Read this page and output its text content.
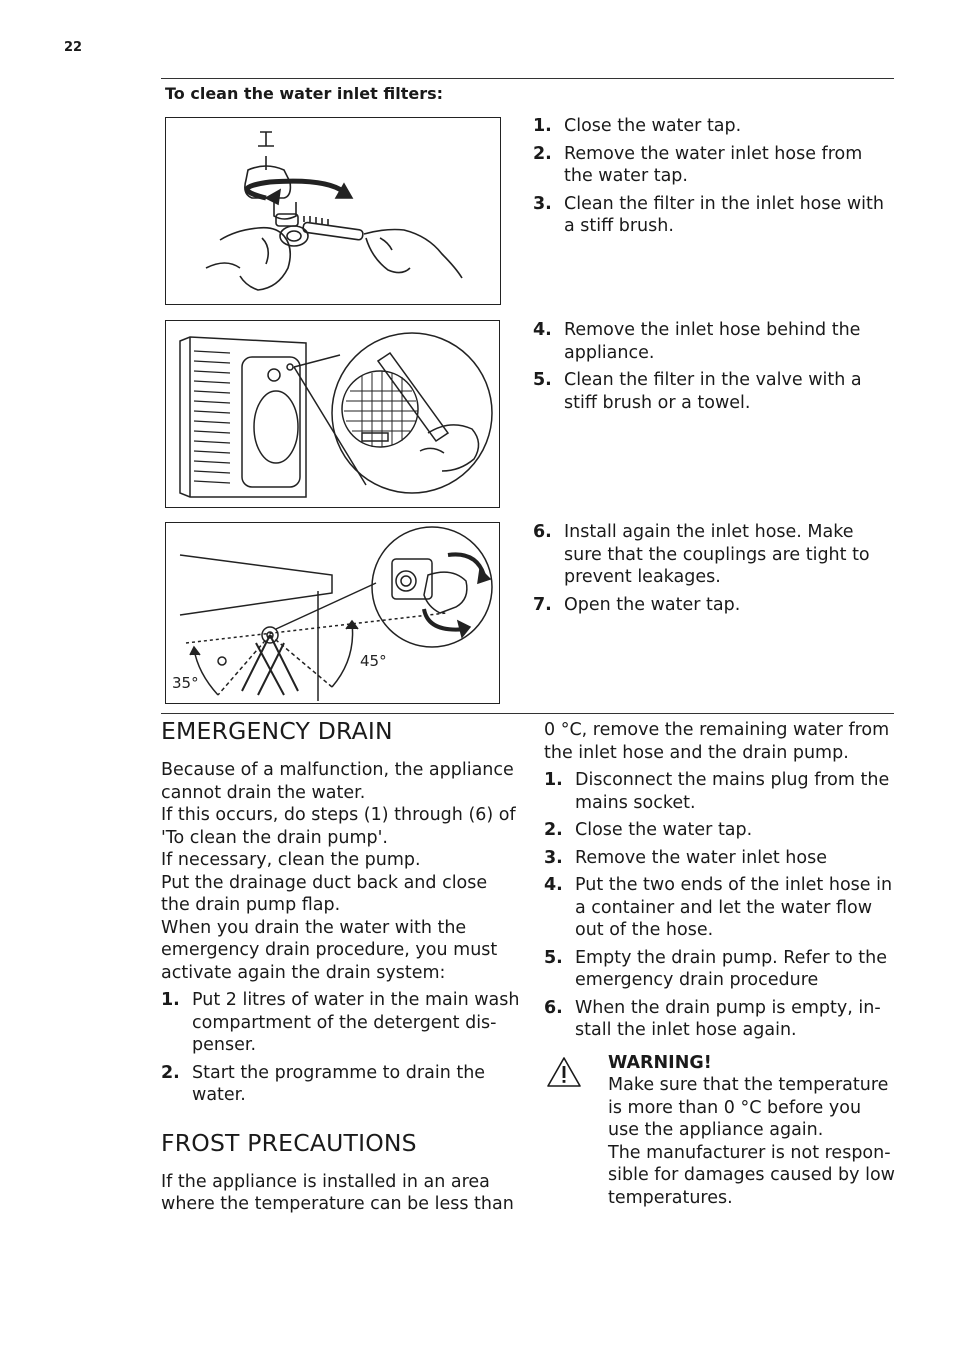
22
To clean the water inlet filters:
35°
45°
1. Close the water tap.
2. Remove the water inlet hose from the water tap.
3. Clean the filter in the inlet hose with a stiff brush.
4. Remove the inlet hose behind the appliance.
5. Clean the filter in the valve with a stiff brush or a towel.
6. Install again the inlet hose. Make sure that the couplings are tight to prevent leakages.
7. Open the water tap.
EMERGENCY DRAIN
Because of a malfunction, the appliance cannot drain the water.
If this occurs, do steps (1) through (6) of 'To clean the drain pump'.
If necessary, clean the pump.
Put the drainage duct back and close the drain pump flap.
When you drain the water with the emergency drain procedure, you must activate again the drain system:
1. Put 2 litres of water in the main wash compartment of the detergent dis-penser.
2. Start the programme to drain the water.
FROST PRECAUTIONS
If the appliance is installed in an area where the temperature can be less than
0 °C, remove the remaining water from the inlet hose and the drain pump.
1. Disconnect the mains plug from the mains socket.
2. Close the water tap.
3. Remove the water inlet hose
4. Put the two ends of the inlet hose in a container and let the water flow out of the hose.
5. Empty the drain pump. Refer to the emergency drain procedure
6. When the drain pump is empty, in-stall the inlet hose again.
WARNING!
Make sure that the temperature is more than 0 °C before you use the appliance again.
The manufacturer is not respon-sible for damages caused by low temperatures.
